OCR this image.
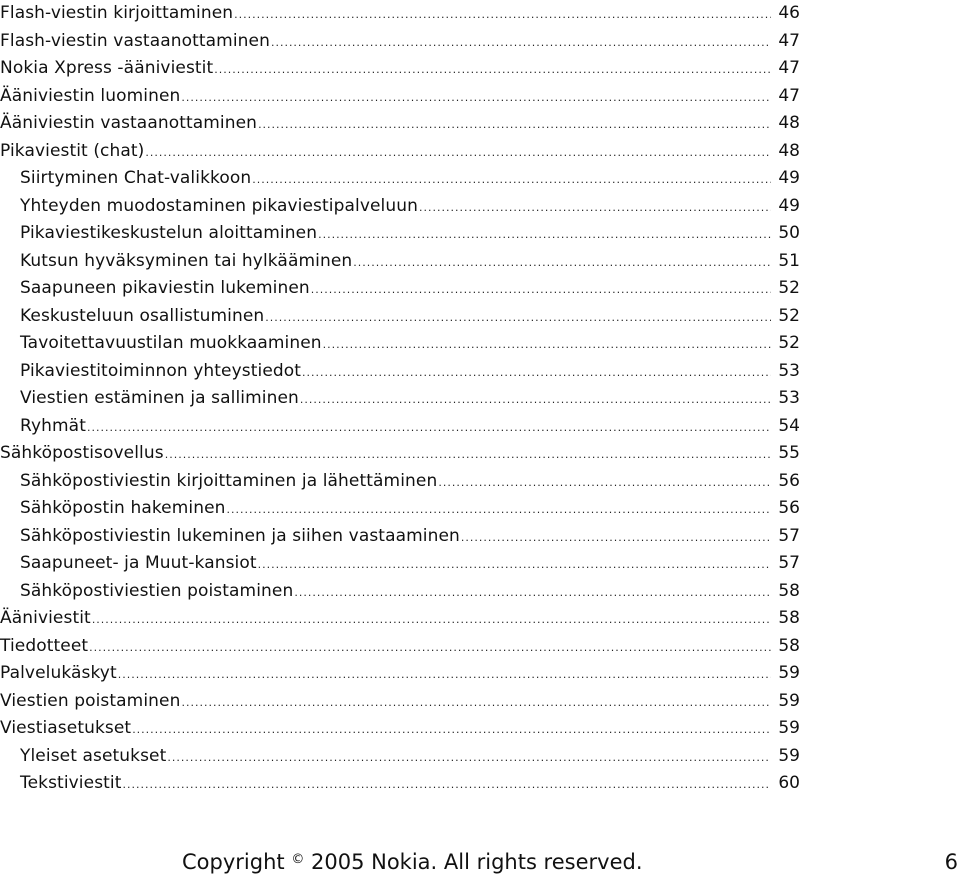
Flash-viestin kirjoittaminen .....	46
Flash-viestin vastaanottaminen .....	47
Nokia Xpress -ääniviestit .....	47
Ääniviestin luominen .....	47
Ääniviestin vastaanottaminen .....	48
Pikaviestit (chat) .....	48
Siirtyminen Chat-valikkoon .....	49
Yhteyden muodostaminen pikaviestipalveluun .....	49
Pikaviestikeskustelun aloittaminen .....	50
Kutsun hyväksyminen tai hylkääminen .....	51
Saapuneen pikaviestin lukeminen .....	52
Keskusteluun osallistuminen .....	52
Tavoitettavuustilan muokkaaminen .....	52
Pikaviestitoiminnon yhteystiedot .....	53
Viestien estäminen ja salliminen .....	53
Ryhmät .....	54
Sähköpostisovellus .....	55
Sähköpostiviestin kirjoittaminen ja lähettäminen .....	56
Sähköpostin hakeminen .....	56
Sähköpostiviestin lukeminen ja siihen vastaaminen .....	57
Saapuneet- ja Muut-kansiot .....	57
Sähköpostiviestien poistaminen .....	58
Ääniviestit .....	58
Tiedotteet .....	58
Palvelukäskyt .....	59
Viestien poistaminen .....	59
Viestiasetukset .....	59
Yleiset asetukset .....	59
Tekstiviestit .....	60
Copyright © 2005 Nokia. All rights reserved.	6
